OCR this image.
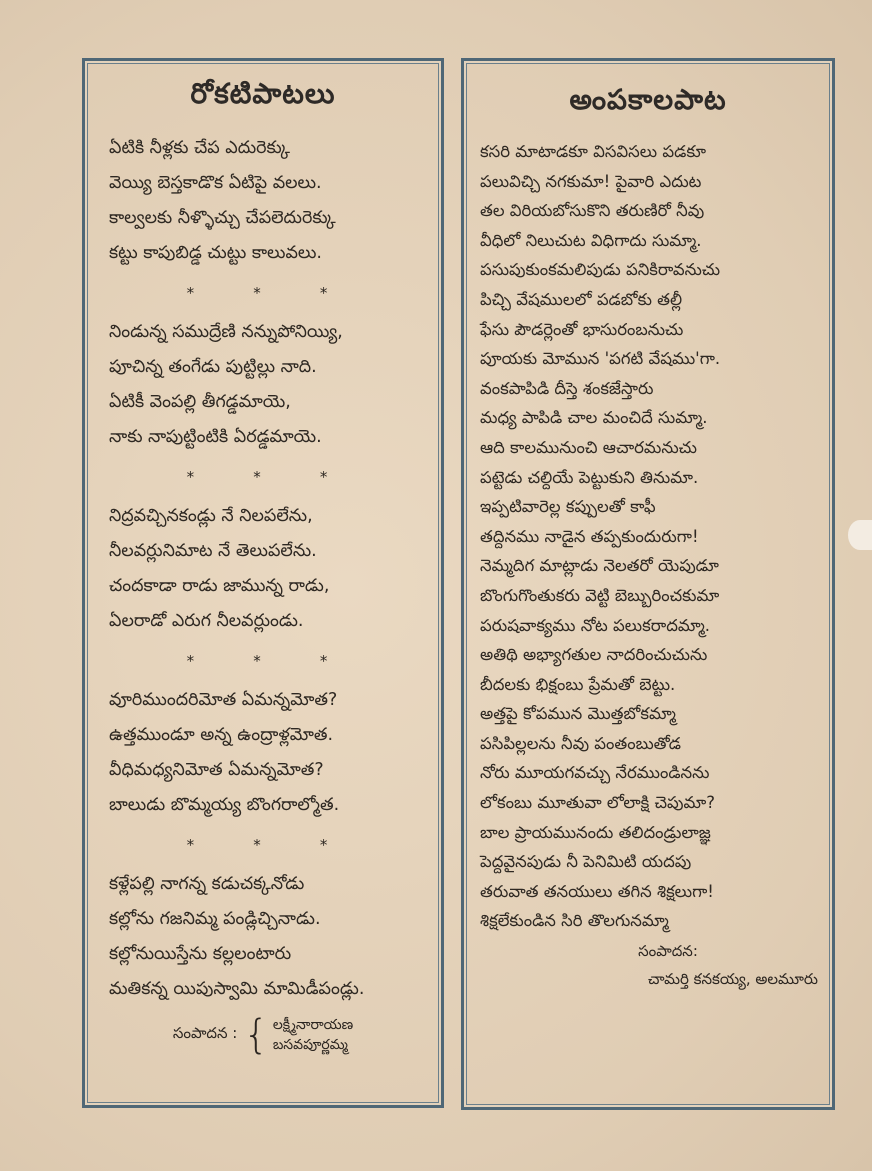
రోకటిపాటలు
ఏటికి నీళ్లకు చేప ఎదురెక్కు
వెయ్యి బెస్తకాడొక ఏటిపై వలలు.
కాల్వలకు నీళ్ళొచ్చు చేపలెదురెక్కు
కట్టు కాపుబిడ్డ చుట్టు కాలువలు.
*	*	*
నిండున్న సముద్రేణి నన్నుపోనియ్యి,
పూచిన్న తంగేడు పుట్టిల్లు నాది.
ఏటికీ వెంపల్లి తీగడ్డమాయె,
నాకు నాపుట్టింటికి ఏరడ్డమాయె.
*	*	*
నిద్రవచ్చినకండ్లు నే నిలపలేను,
నీలవర్లునిమాట నే తెలుపలేను.
చందకాడా రాడు జామున్న రాడు,
ఏలరాడో ఎరుగ నీలవర్లుండు.
*	*	*
వూరిముందరిమోత ఏమన్నమోత?
ఉత్తముండూ అన్న ఉంద్రాళ్లమోత.
వీధిమధ్యనిమోత ఏమన్నమోత?
బాలుడు బొమ్మయ్య బొంగరాల్మోత.
*	*	*
కళ్లేపల్లి నాగన్న కడుచక్కనోడు
కల్లోను గజనిమ్మ పండ్లిచ్చినాడు.
కల్లోనుయిస్తేను కల్లలంటారు
మతికన్న యిపుస్వామి మామిడీపండ్లు.
సంపాదన : { లక్ష్మీనారాయణ
బసవపూర్ణమ్మ
అంపకాలపాట
కసరి మాటాడకూ విసవిసలు పడకూ
పలువిచ్చి నగకుమా! పైవారి ఎదుట
తల విరియబోసుకొని తరుణిరో నీవు
వీధిలో నిలుచుట విధిగాదు సుమ్మా.
పసుపుకుంకమలిపుడు పనికిరావనుచు
పిచ్చి వేషములలో పడబోకు తల్లీ
ఫేసు పౌడర్లెంతో భాసురంబనుచు
పూయకు మోమున 'పగటి వేషము'గా.
వంకపాపిడి దీస్తె శంకజేస్తారు
మధ్య పాపిడి చాల మంచిదే సుమ్మా.
ఆది కాలమునుంచి ఆచారమనుచు
పట్టెడు చల్దియే పెట్టుకుని తినుమా.
ఇప్పటివారెల్ల కప్పులతో కాఫీ
తద్దినము నాడైన తప్పకుందురుగా!
నెమ్మదిగ మాట్లాడు నెలతరో యెపుడూ
బొంగుగొంతుకరు వెట్టి బెబ్బురించకుమా
పరుషవాక్యము నోట పలుకరాదమ్మా.
అతిథి అభ్యాగతుల నాదరించుచును
బీదలకు భిక్షంబు ప్రేమతో బెట్టు.
అత్తపై కోపమున మొత్తబోకమ్మా
పసిపిల్లలను నీవు పంతంబుతోడ
నోరు మూయగవచ్చు నేరముండినను
లోకంబు మూతువా లోలాక్షి చెపుమా?
బాల ప్రాయమునందు తలిదండ్రులాజ్ఞ
పెద్దవైనపుడు నీ పెనిమిటి యదపు
తరువాత తనయులు తగిన శిక్షలుగా!
శిక్షలేకుండిన సిరి తొలగునమ్మా
సంపాదన:
చామర్తి కనకయ్య, అలమూరు
